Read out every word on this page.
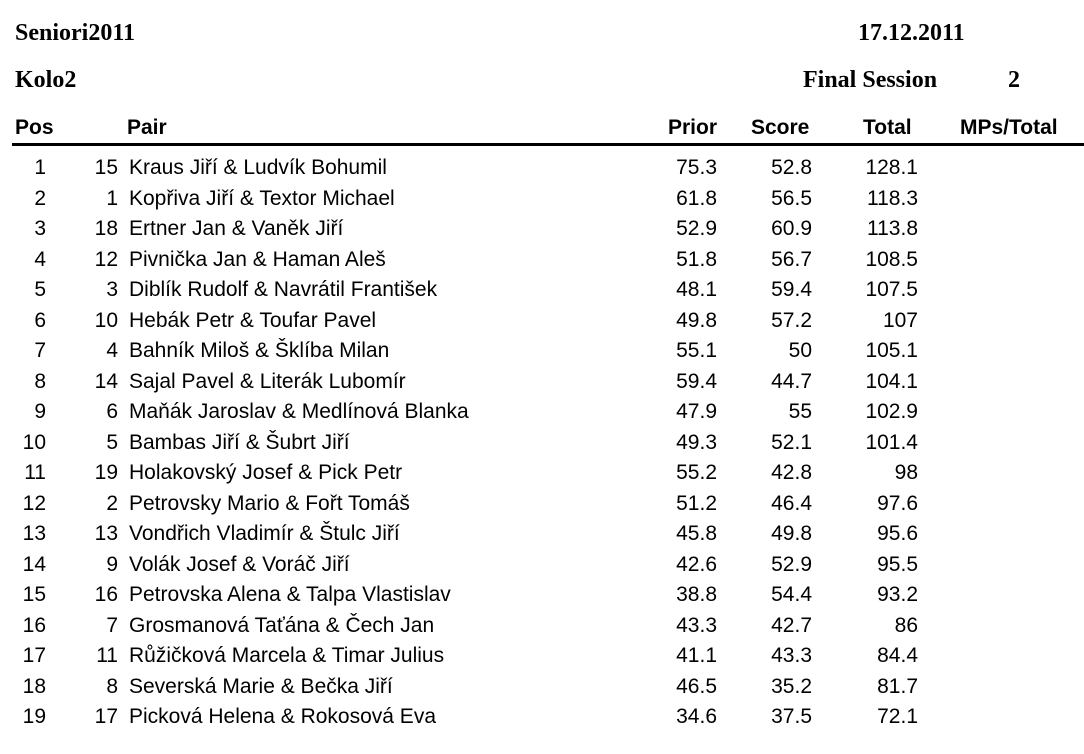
Seniori2011	17.12.2011
Kolo2	Final Session	2
Pos	Pair	Prior Score	Total MPs/Total
1	15 Kraus Jiří & Ludvík Bohumil	75.3	52.8	128.1
2	1 Kopřiva Jiří & Textor Michael	61.8	56.5	118.3
3	18 Ertner Jan & Vaněk Jiří	52.9	60.9	113.8
4	12 Pivnička Jan & Haman Aleš	51.8	56.7	108.5
5	3 Diblík Rudolf & Navrátil František	48.1	59.4	107.5
6	10 Hebák Petr & Toufar Pavel	49.8	57.2	107
7	4 Bahník Miloš & Šklíba Milan	55.1	50	105.1
8	14 Sajal Pavel & Literák Lubomír	59.4	44.7	104.1
9	6 Maňák Jaroslav & Medlínová Blanka	47.9	55	102.9
10	5 Bambas Jiří & Šubrt Jiří	49.3	52.1	101.4
11	19 Holakovský Josef & Pick Petr	55.2	42.8	98
12	2 Petrovsky Mario & Fořt Tomáš	51.2	46.4	97.6
13	13 Vondřich Vladimír & Štulc Jiří	45.8	49.8	95.6
14	9 Volák Josef & Voráč Jiří	42.6	52.9	95.5
15	16 Petrovska Alena & Talpa Vlastislav	38.8	54.4	93.2
16	7 Grosmanová Taťána & Čech Jan	43.3	42.7	86
17	11 Růžičková Marcela & Timar Julius	41.1	43.3	84.4
18	8 Severská Marie & Bečka Jiří	46.5	35.2	81.7
19	17 Picková Helena & Rokosová Eva	34.6	37.5	72.1
